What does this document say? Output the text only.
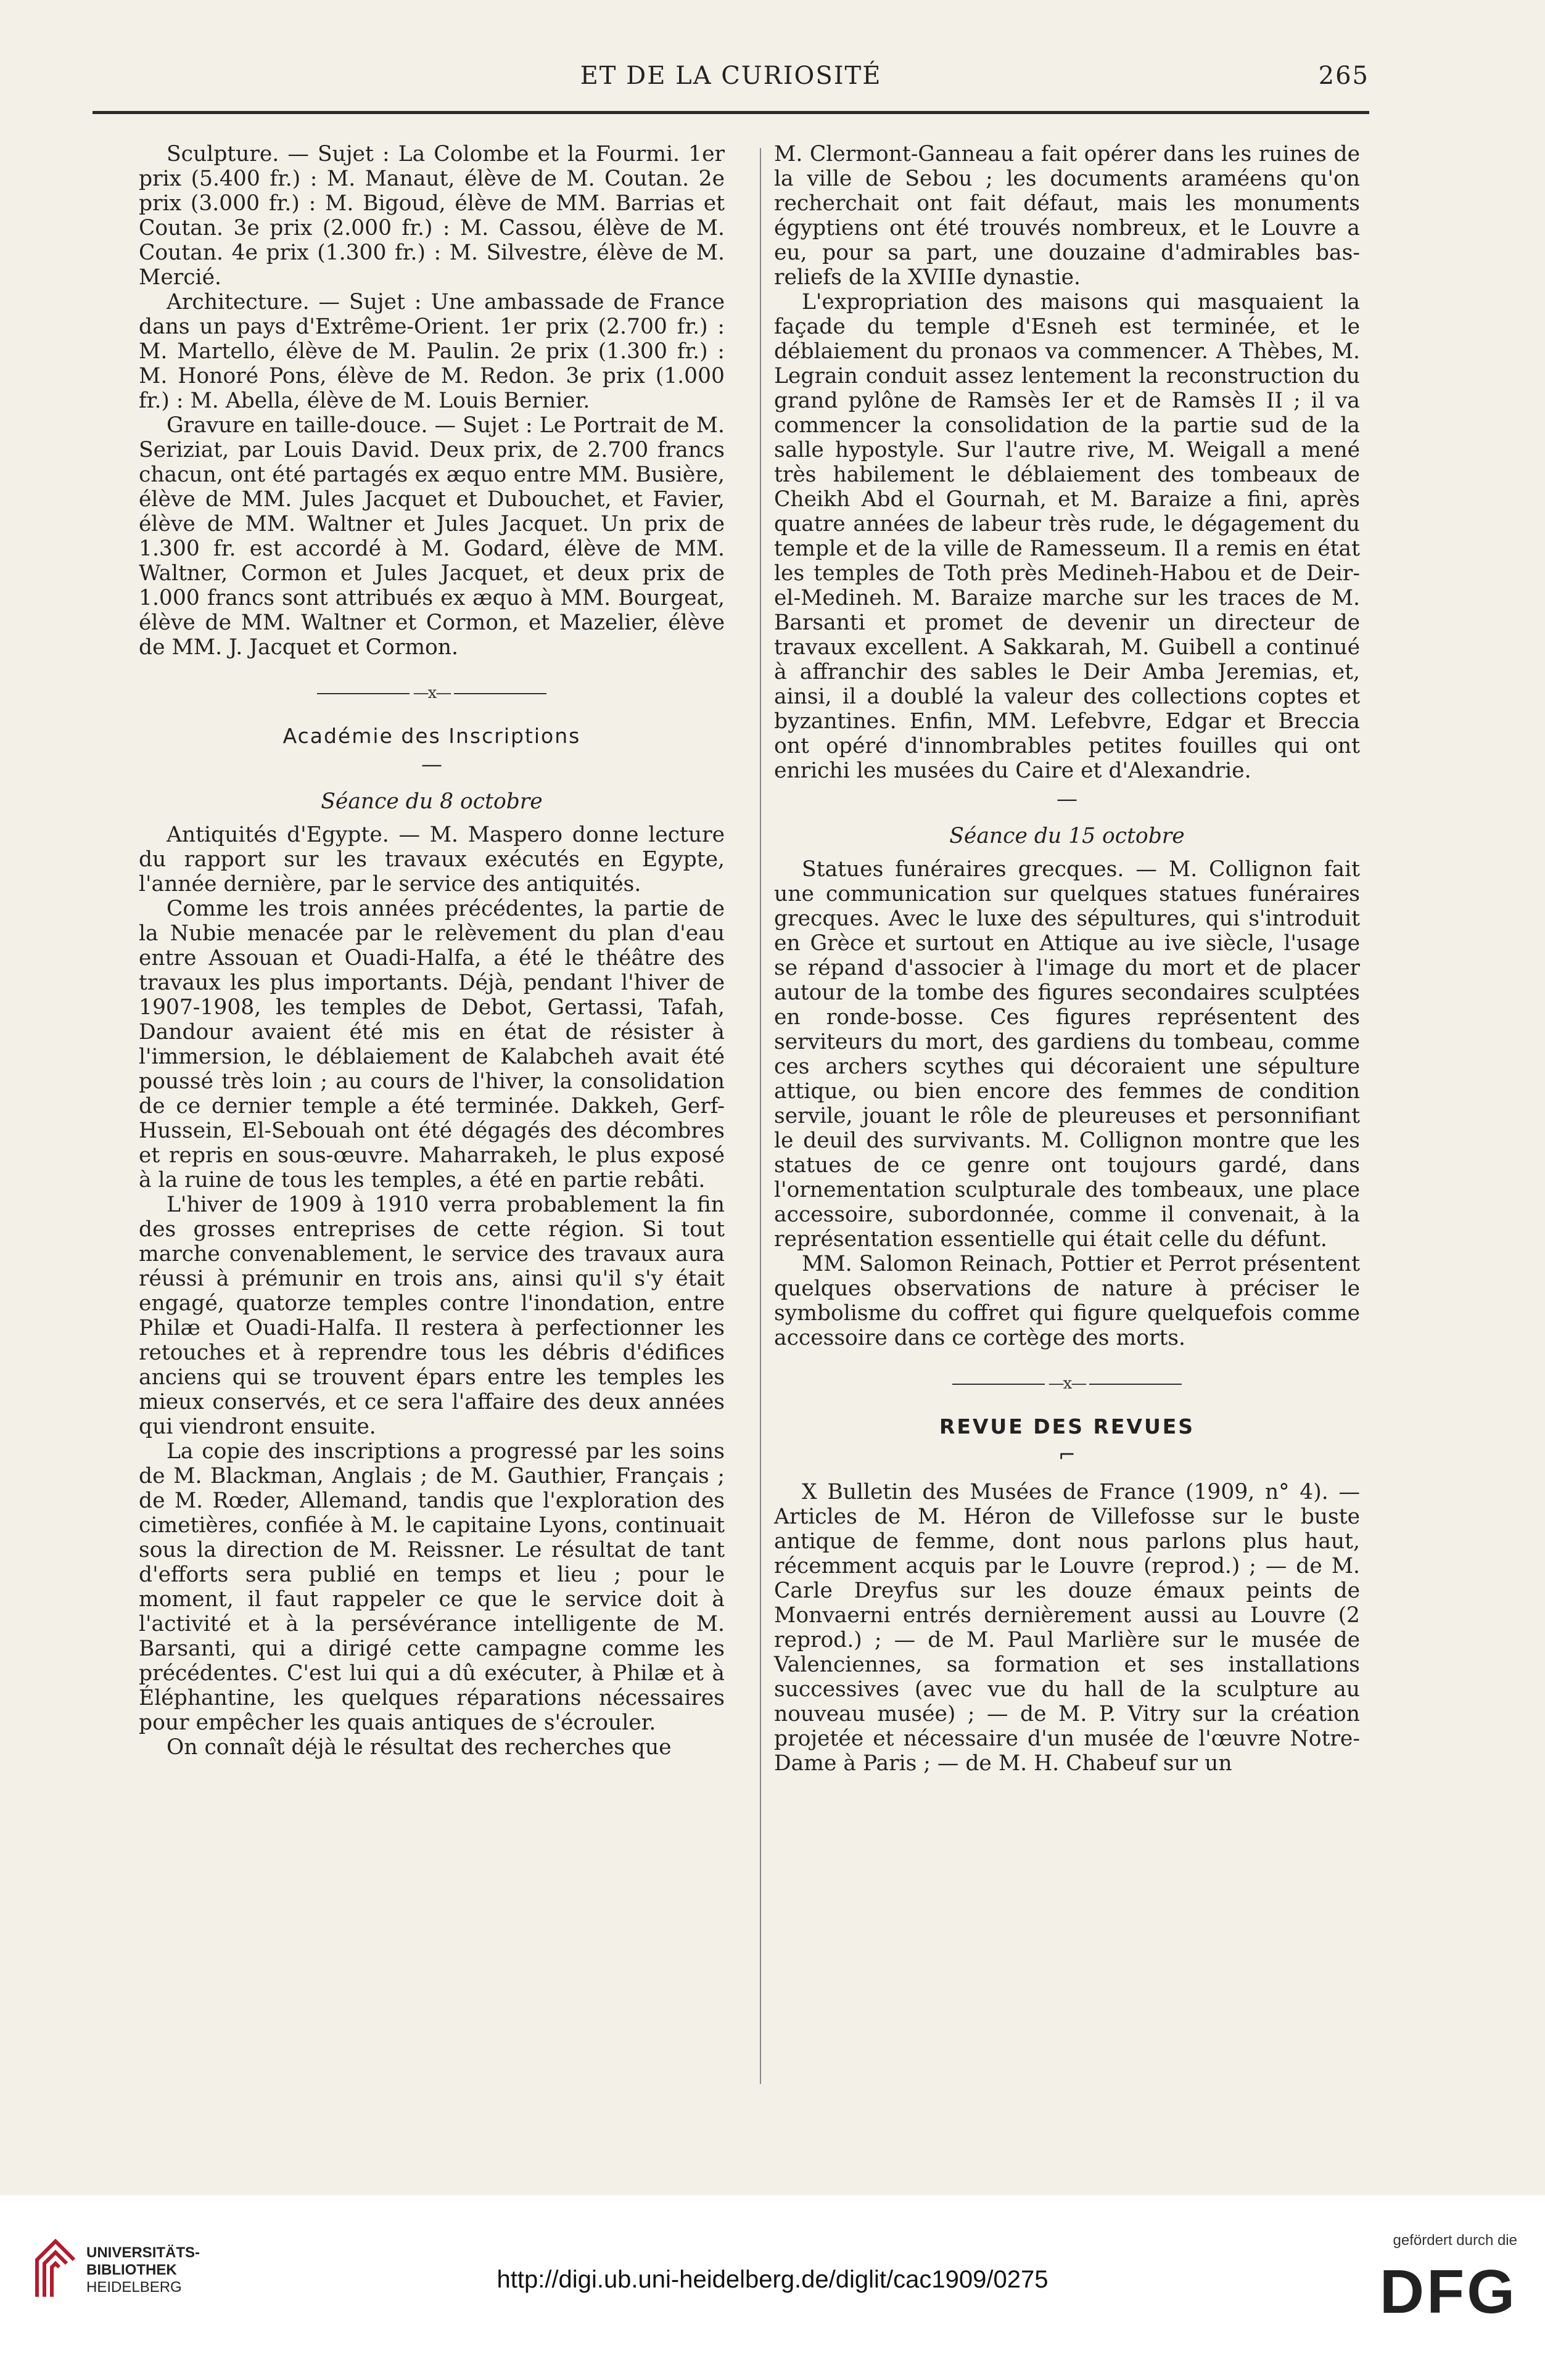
ET DE LA CURIOSITÉ	265

Sculpture. — Sujet : La Colombe et la Fourmi. 1er prix (5.400 fr.) : M. Manaut, élève de M. Coutan. 2e prix (3.000 fr.) : M. Bigoud, élève de MM. Barrias et Coutan. 3e prix (2.000 fr.) : M. Cassou, élève de M. Coutan. 4e prix (1.300 fr.) : M. Silvestre, élève de M. Mercié.

Architecture. — Sujet : Une ambassade de France dans un pays d'Extrême-Orient. 1er prix (2.700 fr.) : M. Martello, élève de M. Paulin. 2e prix (1.300 fr.) : M. Honoré Pons, élève de M. Redon. 3e prix (1.000 fr.) : M. Abella, élève de M. Louis Bernier.

Gravure en taille-douce. — Sujet : Le Portrait de M. Seriziat, par Louis David. Deux prix, de 2.700 francs chacun, ont été partagés ex æquo entre MM. Busière, élève de MM. Jules Jacquet et Dubouchet, et Favier, élève de MM. Waltner et Jules Jacquet. Un prix de 1.300 fr. est accordé à M. Godard, élève de MM. Waltner, Cormon et Jules Jacquet, et deux prix de 1.000 francs sont attribués ex æquo à MM. Bourgeat, élève de MM. Waltner et Cormon, et Mazelier, élève de MM. J. Jacquet et Cormon.

—x—
Académie des Inscriptions
—
Séance du 8 octobre

Antiquités d'Egypte. — M. Maspero donne lecture du rapport sur les travaux exécutés en Egypte, l'année dernière, par le service des antiquités.

Comme les trois années précédentes, la partie de la Nubie menacée par le relèvement du plan d'eau entre Assouan et Ouadi-Halfa, a été le théâtre des travaux les plus importants. Déjà, pendant l'hiver de 1907-1908, les temples de Debot, Gertassi, Tafah, Dandour avaient été mis en état de résister à l'immersion, le déblaiement de Kalabcheh avait été poussé très loin ; au cours de l'hiver, la consolidation de ce dernier temple a été terminée. Dakkeh, Gerf-Hussein, El-Sebouah ont été dégagés des décombres et repris en sous-œuvre. Maharrakeh, le plus exposé à la ruine de tous les temples, a été en partie rebâti.

L'hiver de 1909 à 1910 verra probablement la fin des grosses entreprises de cette région. Si tout marche convenablement, le service des travaux aura réussi à prémunir en trois ans, ainsi qu'il s'y était engagé, quatorze temples contre l'inondation, entre Philæ et Ouadi-Halfa. Il restera à perfectionner les retouches et à reprendre tous les débris d'édifices anciens qui se trouvent épars entre les temples les mieux conservés, et ce sera l'affaire des deux années qui viendront ensuite.

La copie des inscriptions a progressé par les soins de M. Blackman, Anglais ; de M. Gauthier, Français ; de M. Rœder, Allemand, tandis que l'exploration des cimetières, confiée à M. le capitaine Lyons, continuait sous la direction de M. Reissner. Le résultat de tant d'efforts sera publié en temps et lieu ; pour le moment, il faut rappeler ce que le service doit à l'activité et à la persévérance intelligente de M. Barsanti, qui a dirigé cette campagne comme les précédentes. C'est lui qui a dû exécuter, à Philæ et à Éléphantine, les quelques réparations nécessaires pour empêcher les quais antiques de s'écrouler.

On connaît déjà le résultat des recherches que

M. Clermont-Ganneau a fait opérer dans les ruines de la ville de Sebou ; les documents araméens qu'on recherchait ont fait défaut, mais les monuments égyptiens ont été trouvés nombreux, et le Louvre a eu, pour sa part, une douzaine d'admirables bas-reliefs de la XVIIIe dynastie.

L'expropriation des maisons qui masquaient la façade du temple d'Esneh est terminée, et le déblaiement du pronaos va commencer. A Thèbes, M. Legrain conduit assez lentement la reconstruction du grand pylône de Ramsès Ier et de Ramsès II ; il va commencer la consolidation de la partie sud de la salle hypostyle. Sur l'autre rive, M. Weigall a mené très habilement le déblaiement des tombeaux de Cheikh Abd el Gournah, et M. Baraize a fini, après quatre années de labeur très rude, le dégagement du temple et de la ville de Ramesseum. Il a remis en état les temples de Toth près Medineh-Habou et de Deir-el-Medineh. M. Baraize marche sur les traces de M. Barsanti et promet de devenir un directeur de travaux excellent. A Sakkarah, M. Guibell a continué à affranchir des sables le Deir Amba Jeremias, et, ainsi, il a doublé la valeur des collections coptes et byzantines. Enfin, MM. Lefebvre, Edgar et Breccia ont opéré d'innombrables petites fouilles qui ont enrichi les musées du Caire et d'Alexandrie.

—
Séance du 15 octobre

Statues funéraires grecques. — M. Collignon fait une communication sur quelques statues funéraires grecques. Avec le luxe des sépultures, qui s'introduit en Grèce et surtout en Attique au ive siècle, l'usage se répand d'associer à l'image du mort et de placer autour de la tombe des figures secondaires sculptées en ronde-bosse. Ces figures représentent des serviteurs du mort, des gardiens du tombeau, comme ces archers scythes qui décoraient une sépulture attique, ou bien encore des femmes de condition servile, jouant le rôle de pleureuses et personnifiant le deuil des survivants. M. Collignon montre que les statues de ce genre ont toujours gardé, dans l'ornementation sculpturale des tombeaux, une place accessoire, subordonnée, comme il convenait, à la représentation essentielle qui était celle du défunt.

MM. Salomon Reinach, Pottier et Perrot présentent quelques observations de nature à préciser le symbolisme du coffret qui figure quelquefois comme accessoire dans ce cortège des morts.

—x—
REVUE DES REVUES
⌐

X Bulletin des Musées de France (1909, n° 4). — Articles de M. Héron de Villefosse sur le buste antique de femme, dont nous parlons plus haut, récemment acquis par le Louvre (reprod.) ; — de M. Carle Dreyfus sur les douze émaux peints de Monvaerni entrés dernièrement aussi au Louvre (2 reprod.) ; — de M. Paul Marlière sur le musée de Valenciennes, sa formation et ses installations successives (avec vue du hall de la sculpture au nouveau musée) ; — de M. P. Vitry sur la création projetée et nécessaire d'un musée de l'œuvre Notre-Dame à Paris ; — de M. H. Chabeuf sur un

UNIVERSITÄTS-
BIBLIOTHEK
HEIDELBERG	http://digi.ub.uni-heidelberg.de/diglit/cac1909/0275
gefördert durch die
DFG
